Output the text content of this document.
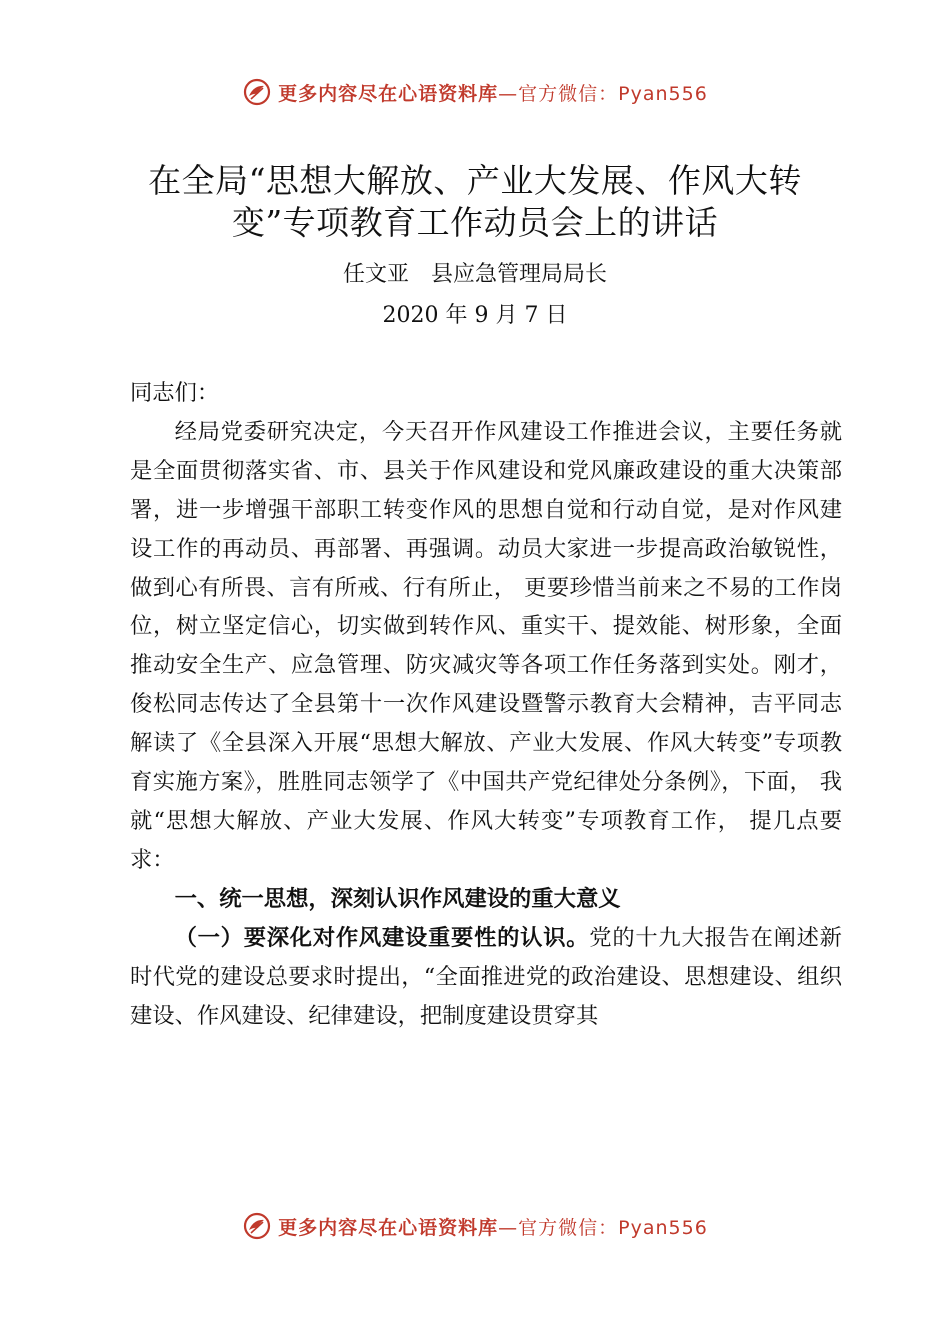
更多内容尽在心语资料库—官方微信：Pyan556
在全局“思想大解放、产业大发展、作风大转变”专项教育工作动员会上的讲话
任文亚 县应急管理局局长
2020 年 9 月 7 日

同志们：

经局党委研究决定，今天召开作风建设工作推进会议，主要任务就是全面贯彻落实省、市、县关于作风建设和党风廉政建设的重大决策部署，进一步增强干部职工转变作风的思想自觉和行动自觉，是对作风建设工作的再动员、再部署、再强调。动员大家进一步提高政治敏锐性，做到心有所畏、言有所戒、行有所止， 更要珍惜当前来之不易的工作岗位，树立坚定信心，切实做到转作风、重实干、提效能、树形象，全面推动安全生产、应急管理、防灾减灾等各项工作任务落到实处。刚才，俊松同志传达了全县第十一次作风建设暨警示教育大会精神，吉平同志解读了《全县深入开展“思想大解放、产业大发展、作风大转变”专项教育实施方案》，胜胜同志领学了《中国共产党纪律处分条例》，下面， 我就“思想大解放、产业大发展、作风大转变”专项教育工作， 提几点要求：

一、统一思想，深刻认识作风建设的重大意义

（一）要深化对作风建设重要性的认识。党的十九大报告在阐述新时代党的建设总要求时提出，“全面推进党的政治建设、思想建设、组织建设、作风建设、纪律建设，把制度建设贯穿其

更多内容尽在心语资料库—官方微信：Pyan556
